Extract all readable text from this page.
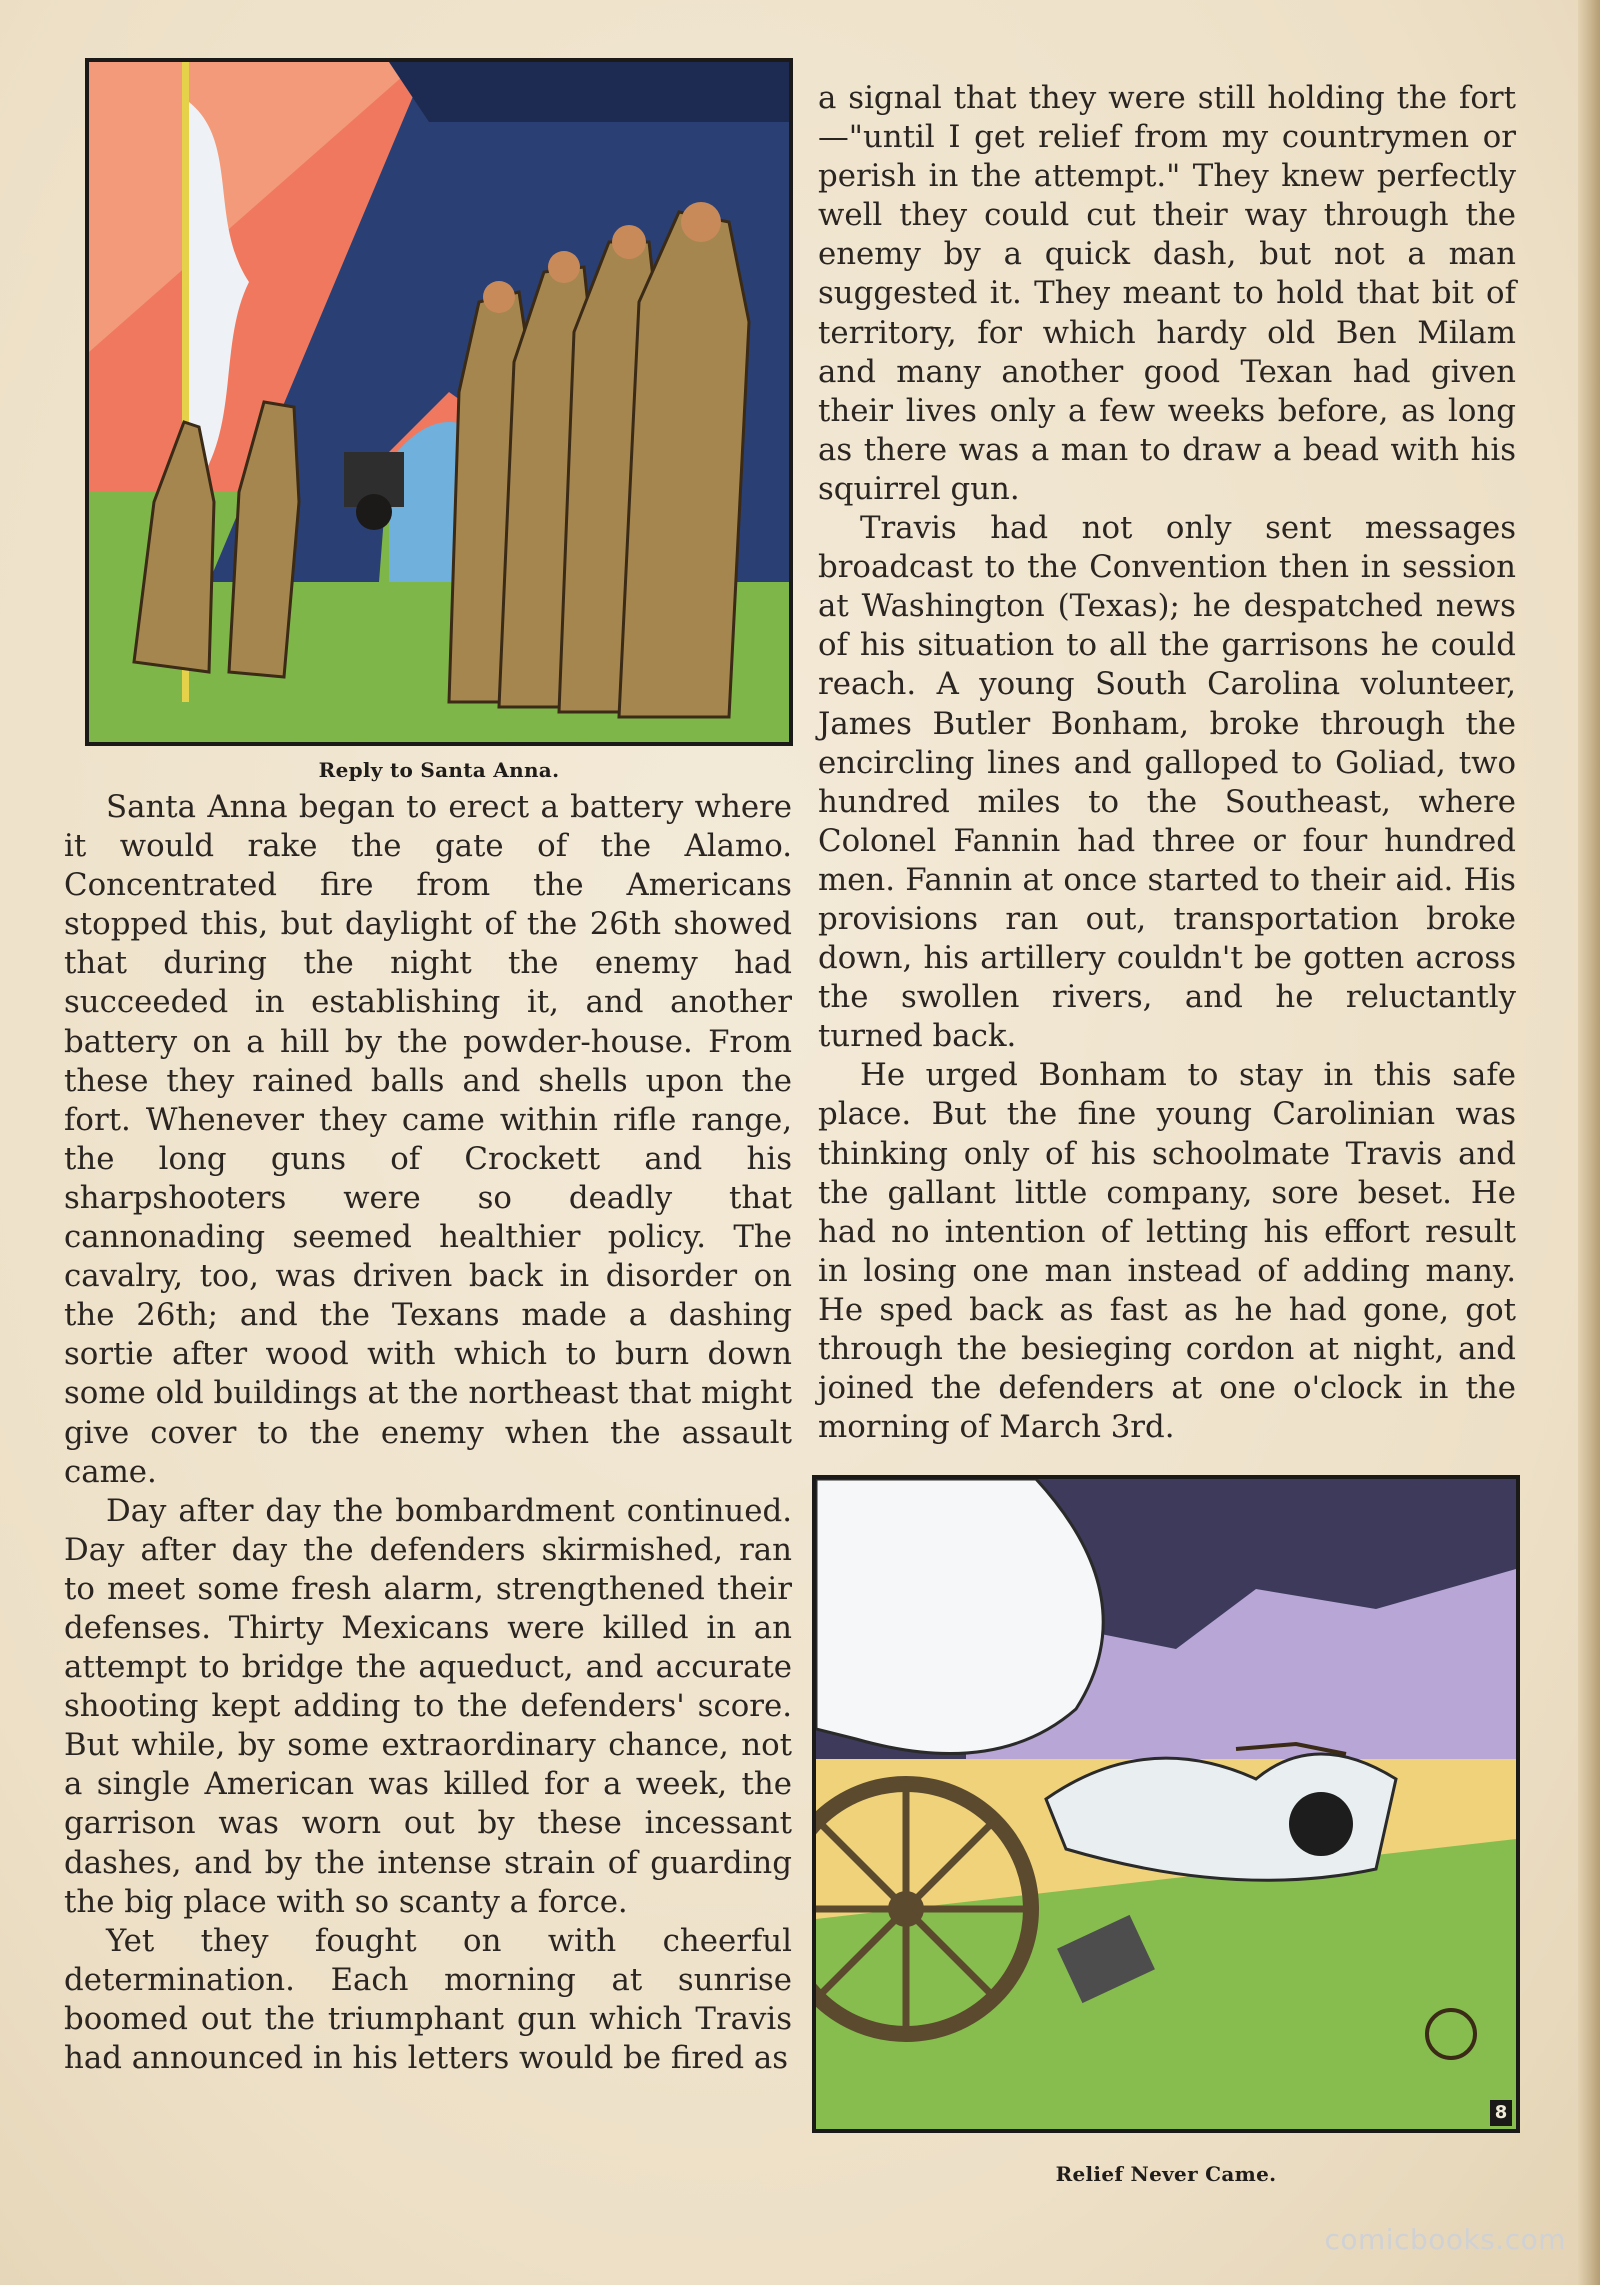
Reply to Santa Anna.

Santa Anna began to erect a battery where it would rake the gate of the Alamo. Concentrated fire from the Americans stopped this, but daylight of the 26th showed that during the night the enemy had succeeded in establishing it, and another battery on a hill by the powder-house. From these they rained balls and shells upon the fort. Whenever they came within rifle range, the long guns of Crockett and his sharpshooters were so deadly that cannonading seemed healthier policy. The cavalry, too, was driven back in disorder on the 26th; and the Texans made a dashing sortie after wood with which to burn down some old buildings at the northeast that might give cover to the enemy when the assault came.

Day after day the bombardment continued. Day after day the defenders skirmished, ran to meet some fresh alarm, strengthened their defenses. Thirty Mexicans were killed in an attempt to bridge the aqueduct, and accurate shooting kept adding to the defenders' score. But while, by some extraordinary chance, not a single American was killed for a week, the garrison was worn out by these incessant dashes, and by the intense strain of guarding the big place with so scanty a force.

Yet they fought on with cheerful determination. Each morning at sunrise boomed out the triumphant gun which Travis had announced in his letters would be fired as

a signal that they were still holding the fort—"until I get relief from my countrymen or perish in the attempt." They knew perfectly well they could cut their way through the enemy by a quick dash, but not a man suggested it. They meant to hold that bit of territory, for which hardy old Ben Milam and many another good Texan had given their lives only a few weeks before, as long as there was a man to draw a bead with his squirrel gun.

Travis had not only sent messages broadcast to the Convention then in session at Washington (Texas); he despatched news of his situation to all the garrisons he could reach. A young South Carolina volunteer, James Butler Bonham, broke through the encircling lines and galloped to Goliad, two hundred miles to the Southeast, where Colonel Fannin had three or four hundred men. Fannin at once started to their aid. His provisions ran out, transportation broke down, his artillery couldn't be gotten across the swollen rivers, and he reluctantly turned back.

He urged Bonham to stay in this safe place. But the fine young Carolinian was thinking only of his schoolmate Travis and the gallant little company, sore beset. He had no intention of letting his effort result in losing one man instead of adding many. He sped back as fast as he had gone, got through the besieging cordon at night, and joined the defenders at one o'clock in the morning of March 3rd.

8
Relief Never Came.
comicbooks.com
